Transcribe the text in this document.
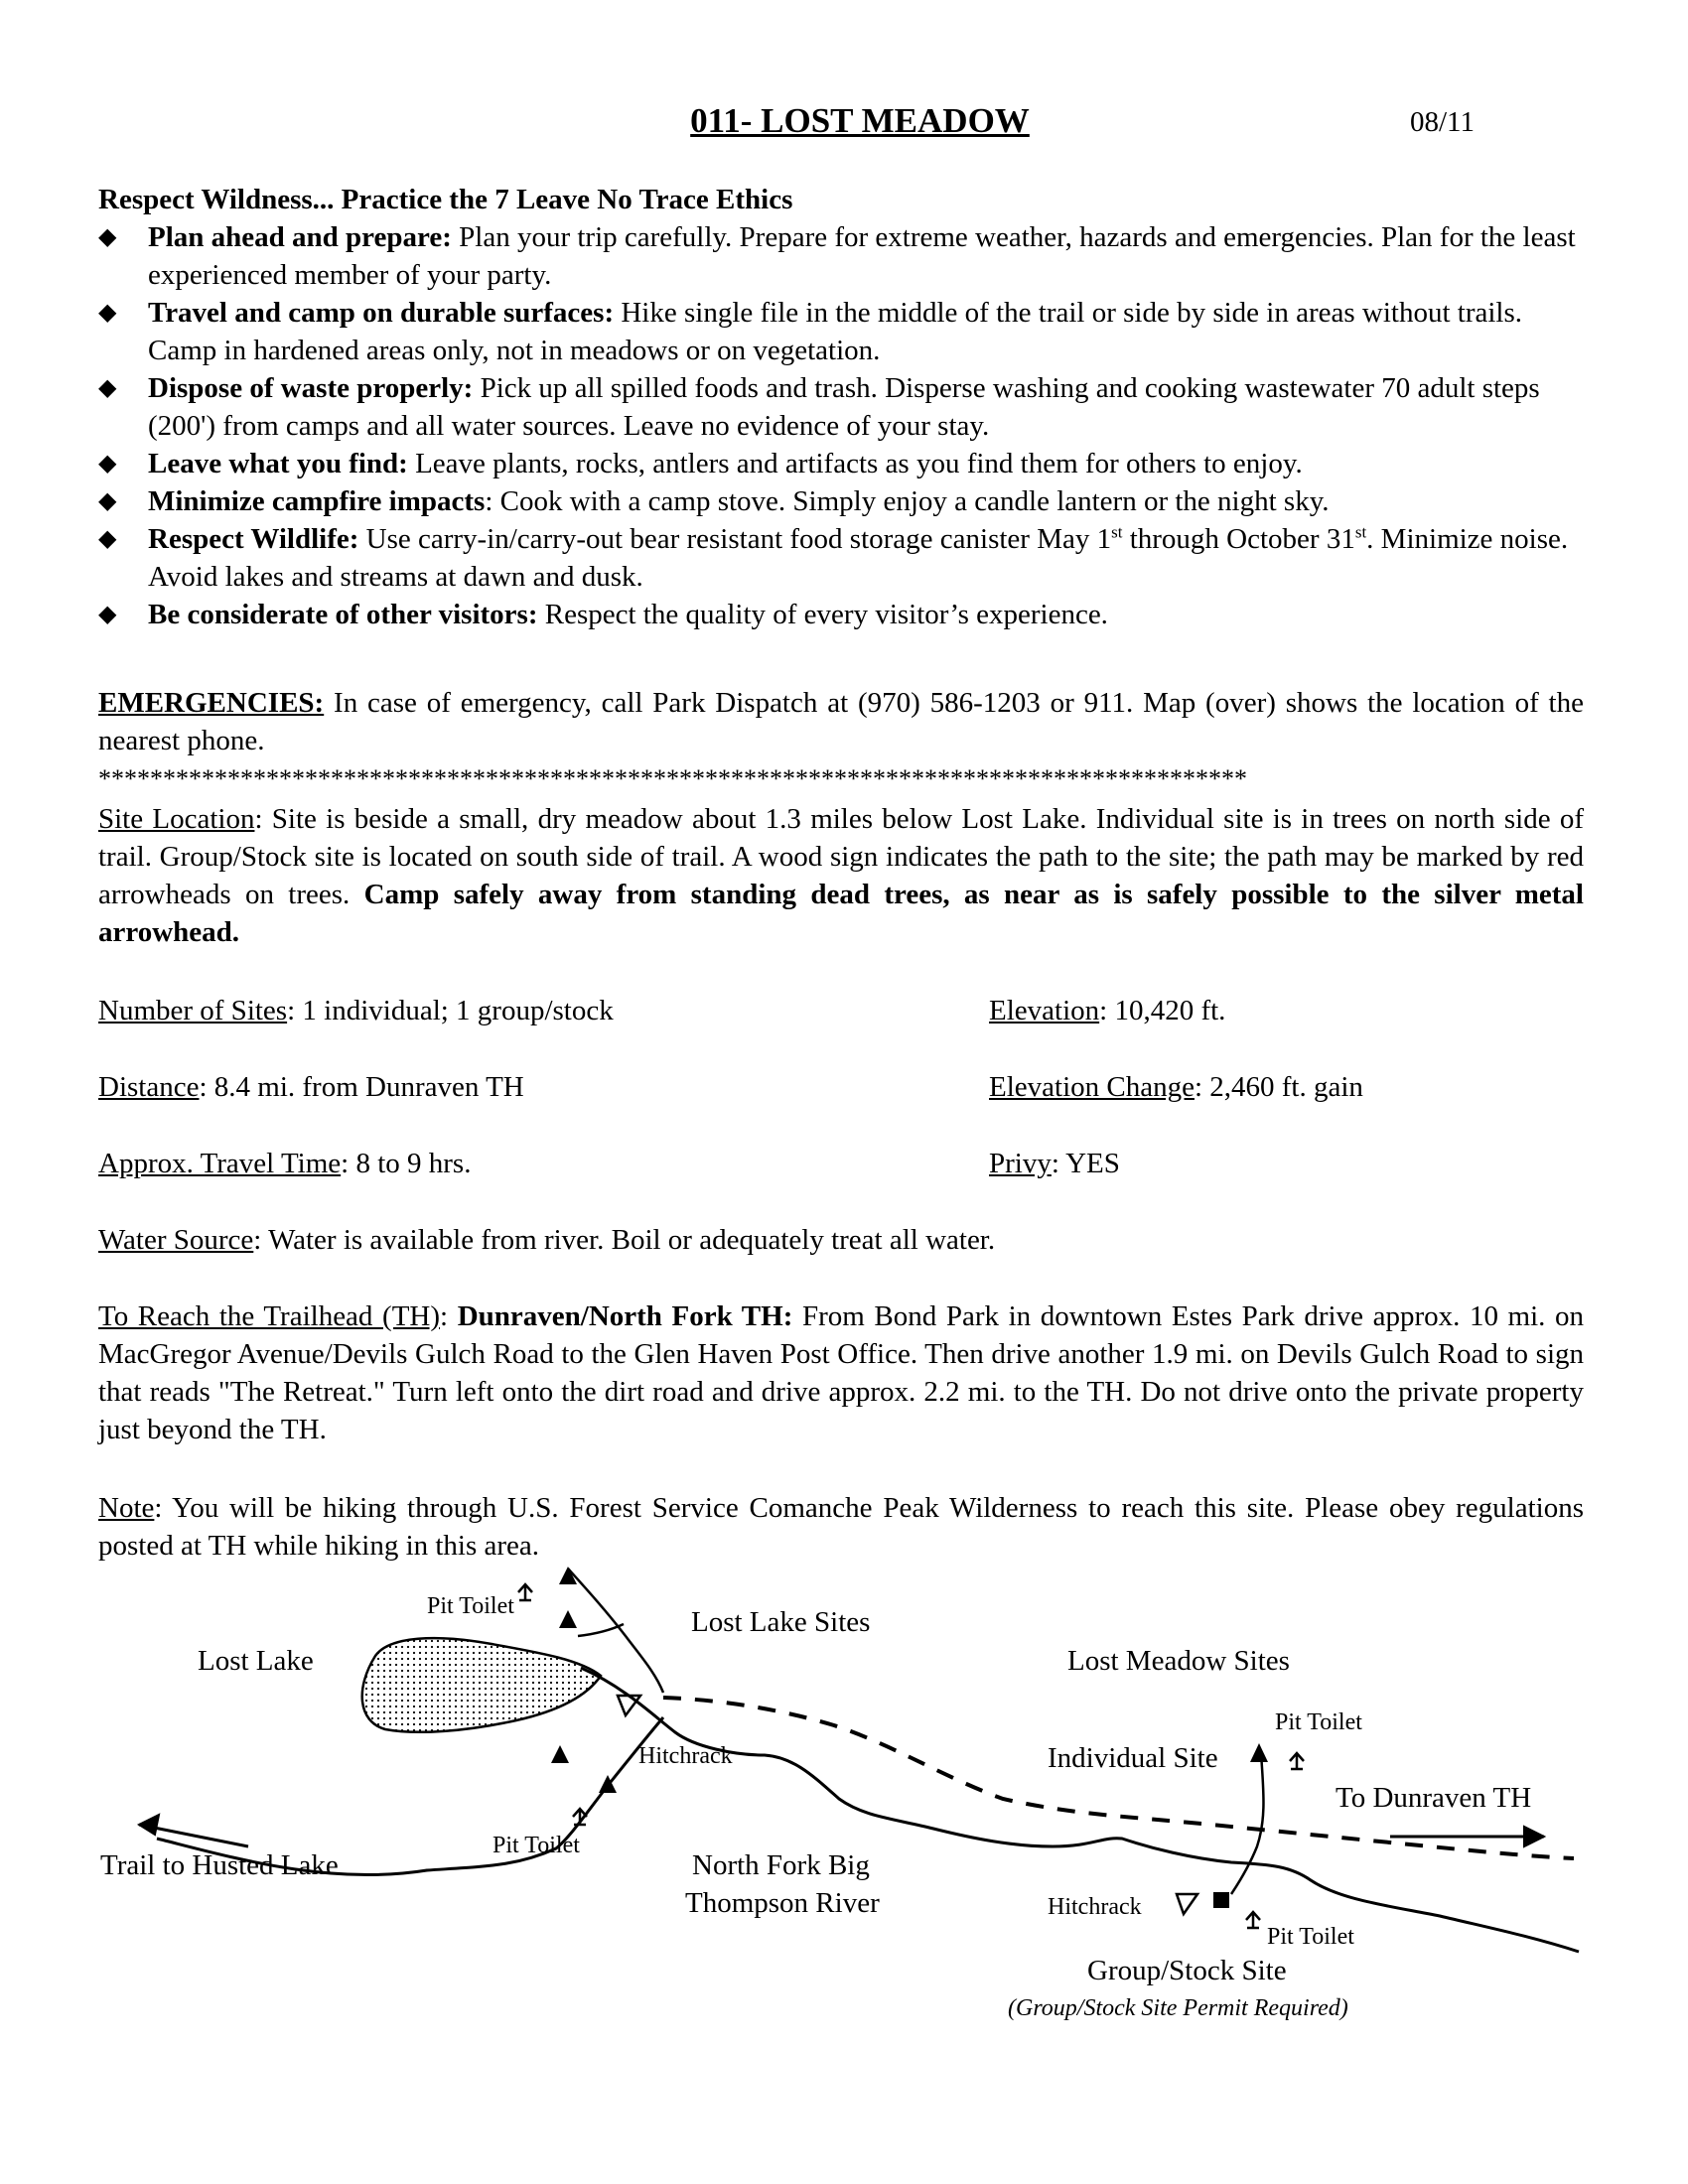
011- LOST MEADOW	08/11

Respect Wildness... Practice the 7 Leave No Trace Ethics

◆ Plan ahead and prepare: Plan your trip carefully. Prepare for extreme weather, hazards and emergencies. Plan for the least experienced member of your party.
◆ Travel and camp on durable surfaces: Hike single file in the middle of the trail or side by side in areas without trails. Camp in hardened areas only, not in meadows or on vegetation.
◆ Dispose of waste properly: Pick up all spilled foods and trash. Disperse washing and cooking wastewater 70 adult steps (200') from camps and all water sources. Leave no evidence of your stay.
◆ Leave what you find: Leave plants, rocks, antlers and artifacts as you find them for others to enjoy.
◆ Minimize campfire impacts: Cook with a camp stove. Simply enjoy a candle lantern or the night sky.
◆ Respect Wildlife: Use carry-in/carry-out bear resistant food storage canister May 1st through October 31st. Minimize noise. Avoid lakes and streams at dawn and dusk.
◆ Be considerate of other visitors: Respect the quality of every visitor’s experience.
EMERGENCIES: In case of emergency, call Park Dispatch at (970) 586-1203 or 911. Map (over) shows the location of the nearest phone.
*****************************************************************************************
Site Location: Site is beside a small, dry meadow about 1.3 miles below Lost Lake. Individual site is in trees on north side of trail. Group/Stock site is located on south side of trail. A wood sign indicates the path to the site; the path may be marked by red arrowheads on trees. Camp safely away from standing dead trees, as near as is safely possible to the silver metal arrowhead.
Number of Sites: 1 individual; 1 group/stock	Elevation: 10,420 ft.
Distance: 8.4 mi. from Dunraven TH	Elevation Change: 2,460 ft. gain
Approx. Travel Time: 8 to 9 hrs.	Privy: YES
Water Source: Water is available from river. Boil or adequately treat all water.
To Reach the Trailhead (TH): Dunraven/North Fork TH: From Bond Park in downtown Estes Park drive approx. 10 mi. on MacGregor Avenue/Devils Gulch Road to the Glen Haven Post Office. Then drive another 1.9 mi. on Devils Gulch Road to sign that reads "The Retreat." Turn left onto the dirt road and drive approx. 2.2 mi. to the TH. Do not drive onto the private property just beyond the TH.
Note: You will be hiking through U.S. Forest Service Comanche Peak Wilderness to reach this site. Please obey regulations posted at TH while hiking in this area.
Lost Lake
Pit Toilet	Lost Lake Sites
Lost Meadow Sites
Hitchrack
Pit Toilet
Pit Toilet
Individual Site
To Dunraven TH
Trail to Husted Lake	North Fork Big
Thompson River	Hitchrack
Pit Toilet
Group/Stock Site
(Group/Stock Site Permit Required)
